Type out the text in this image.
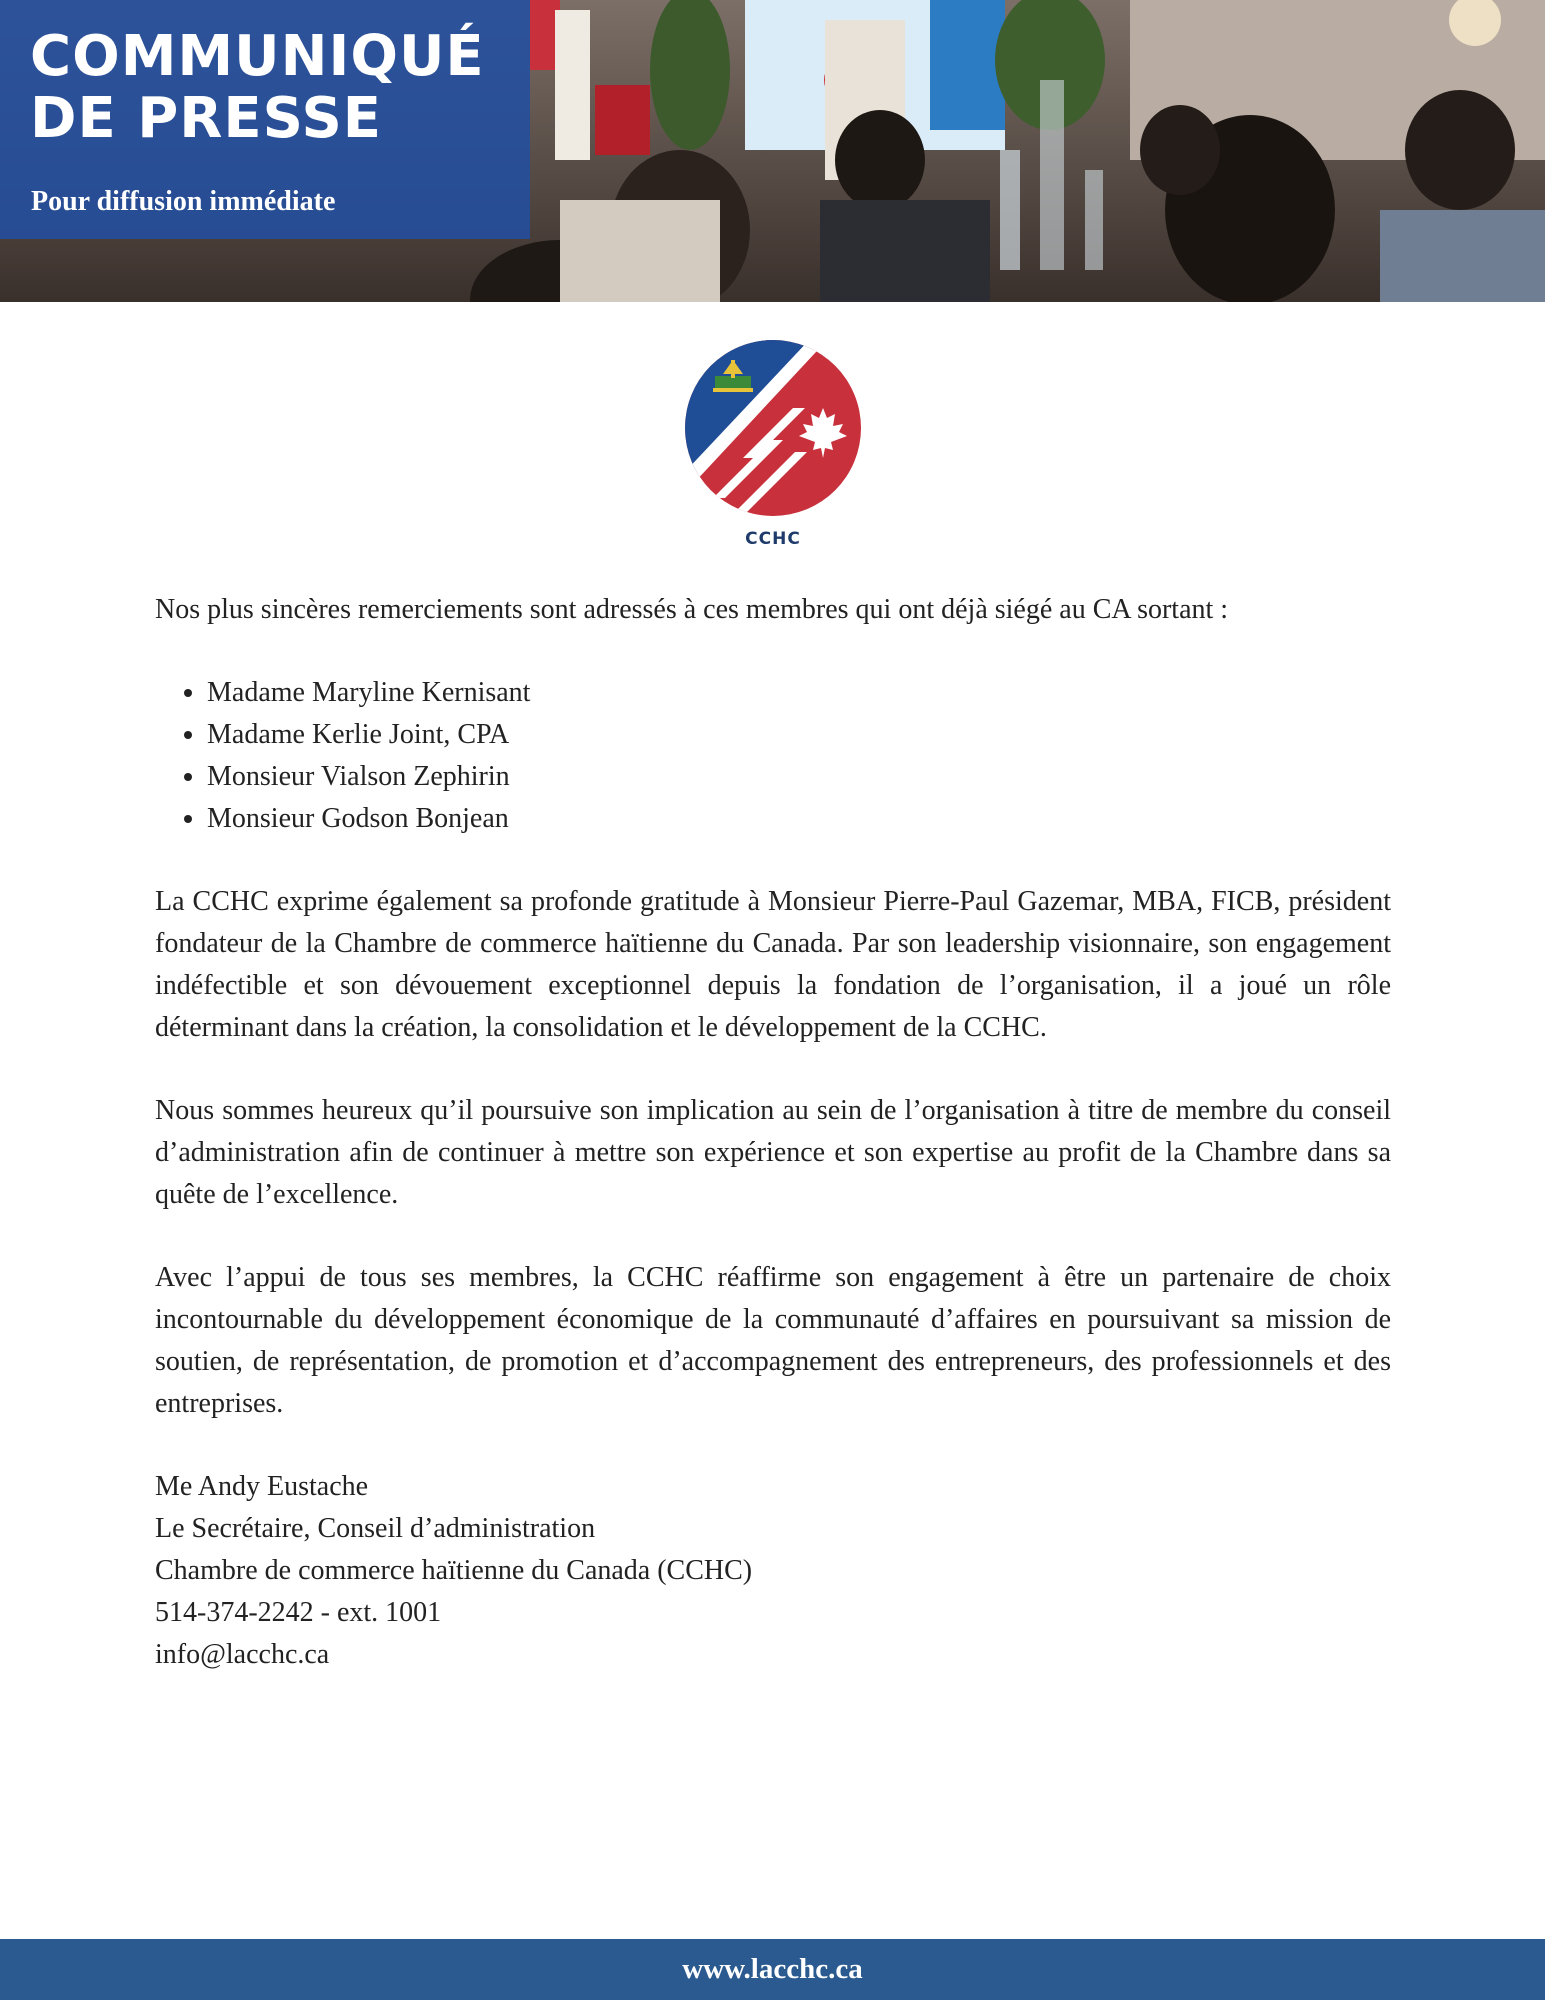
COMMUNIQUÉ
DE PRESSE
Pour diffusion immédiate
CCHC

Nos plus sincères remerciements sont adressés à ces membres qui ont déjà siégé au CA sortant :

• Madame Maryline Kernisant
• Madame Kerlie Joint, CPA
• Monsieur Vialson Zephirin
• Monsieur Godson Bonjean

La CCHC exprime également sa profonde gratitude à Monsieur Pierre-Paul Gazemar, MBA, FICB, président fondateur de la Chambre de commerce haïtienne du Canada. Par son leadership visionnaire, son engagement indéfectible et son dévouement exceptionnel depuis la fondation de l’organisation, il a joué un rôle déterminant dans la création, la consolidation et le développement de la CCHC.

Nous sommes heureux qu’il poursuive son implication au sein de l’organisation à titre de membre du conseil d’administration afin de continuer à mettre son expérience et son expertise au profit de la Chambre dans sa quête de l’excellence.

Avec l’appui de tous ses membres, la CCHC réaffirme son engagement à être un partenaire de choix incontournable du développement économique de la communauté d’affaires en poursuivant sa mission de soutien, de représentation, de promotion et d’accompagnement des entrepreneurs, des professionnels et des entreprises.

Me Andy Eustache
Le Secrétaire, Conseil d’administration
Chambre de commerce haïtienne du Canada (CCHC)
514-374-2242 - ext. 1001
info@lacchc.ca
www.lacchc.ca
